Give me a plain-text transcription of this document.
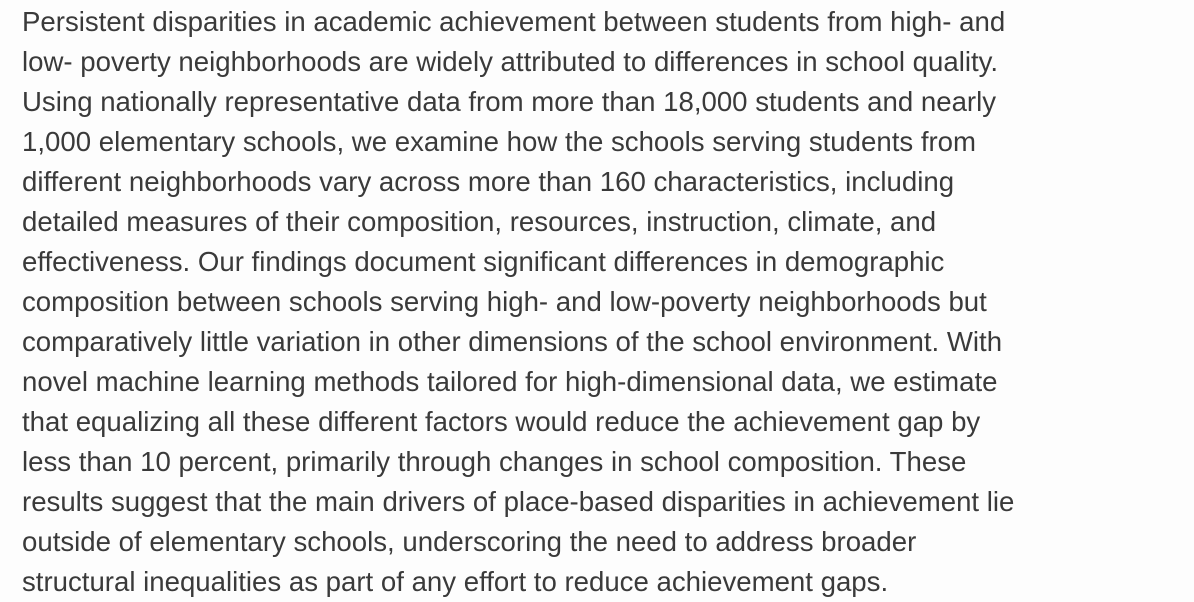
Persistent disparities in academic achievement between students from high- and
low- poverty neighborhoods are widely attributed to differences in school quality.
Using nationally representative data from more than 18,000 students and nearly
1,000 elementary schools, we examine how the schools serving students from
different neighborhoods vary across more than 160 characteristics, including
detailed measures of their composition, resources, instruction, climate, and
effectiveness. Our findings document significant differences in demographic
composition between schools serving high- and low-poverty neighborhoods but
comparatively little variation in other dimensions of the school environment. With
novel machine learning methods tailored for high-dimensional data, we estimate
that equalizing all these different factors would reduce the achievement gap by
less than 10 percent, primarily through changes in school composition. These
results suggest that the main drivers of place-based disparities in achievement lie
outside of elementary schools, underscoring the need to address broader
structural inequalities as part of any effort to reduce achievement gaps.
